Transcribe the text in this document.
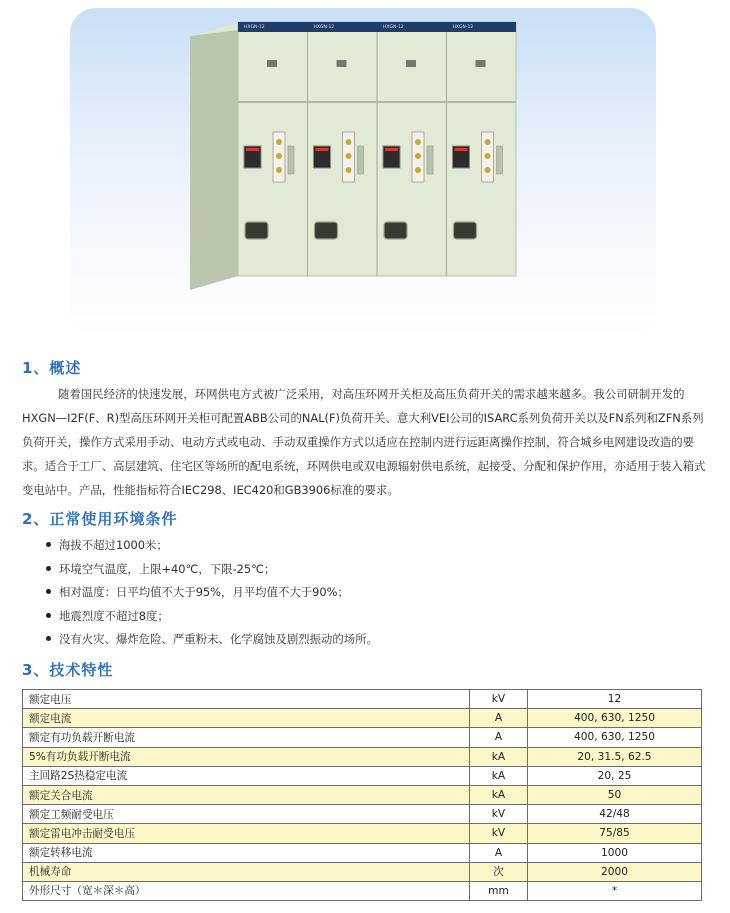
HXGN-12	HXGN-12	HXGN-12	HXGN-12
1、概述

随着国民经济的快速发展，环网供电方式被广泛采用，对高压环网开关柜及高压负荷开关的需求越来越多。我公司研制开发的HXGN—I2F(F、R)型高压环网开关柜可配置ABB公司的NAL(F)负荷开关、意大利VEI公司的ISARC系列负荷开关以及FN系列和ZFN系列负荷开关，操作方式采用手动、电动方式或电动、手动双重操作方式以适应在控制内进行远距离操作控制，符合城乡电网建设改造的要求。适合于工厂、高层建筑、住宅区等场所的配电系统，环网供电或双电源辐射供电系统，起接受、分配和保护作用，亦适用于装入箱式变电站中。产品，性能指标符合IEC298、IEC420和GB3906标准的要求。

2、正常使用环境条件
海拔不超过1000米；
环境空气温度，上限+40℃，下限-25℃；
相对温度：日平均值不大于95%，月平均值不大于90%；
地震烈度不超过8度；
没有火灾、爆炸危险、严重粉末、化学腐蚀及剧烈振动的场所。
3、技术特性
额定电压	kV	12
额定电流	A	400, 630, 1250
额定有功负载开断电流	A	400, 630, 1250
5%有功负载开断电流	kA	20, 31.5, 62.5
主回路2S热稳定电流	kA	20, 25
额定关合电流	kA	50
额定工频耐受电压	kV	42/48
额定雷电冲击耐受电压	kV	75/85
额定转移电流	A	1000
机械寿命	次	2000
外形尺寸（宽＊深＊高）	mm	*
